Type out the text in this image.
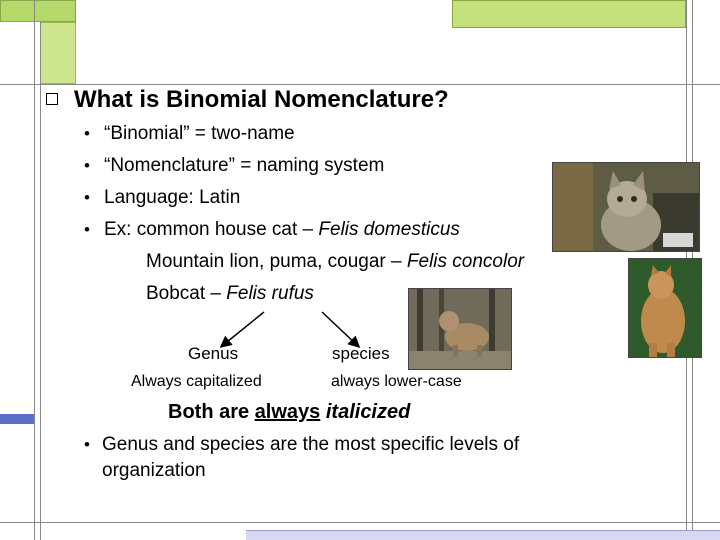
What is Binomial Nomenclature?
• “Binomial” = two-name
• “Nomenclature” = naming system
• Language: Latin
• Ex: common house cat – Felis domesticus
Mountain lion, puma, cougar – Felis concolor
Bobcat – Felis rufus
Genus	species
Always capitalized	always lower-case
Both are always italicized
• Genus and species are the most specific levels of
organization
